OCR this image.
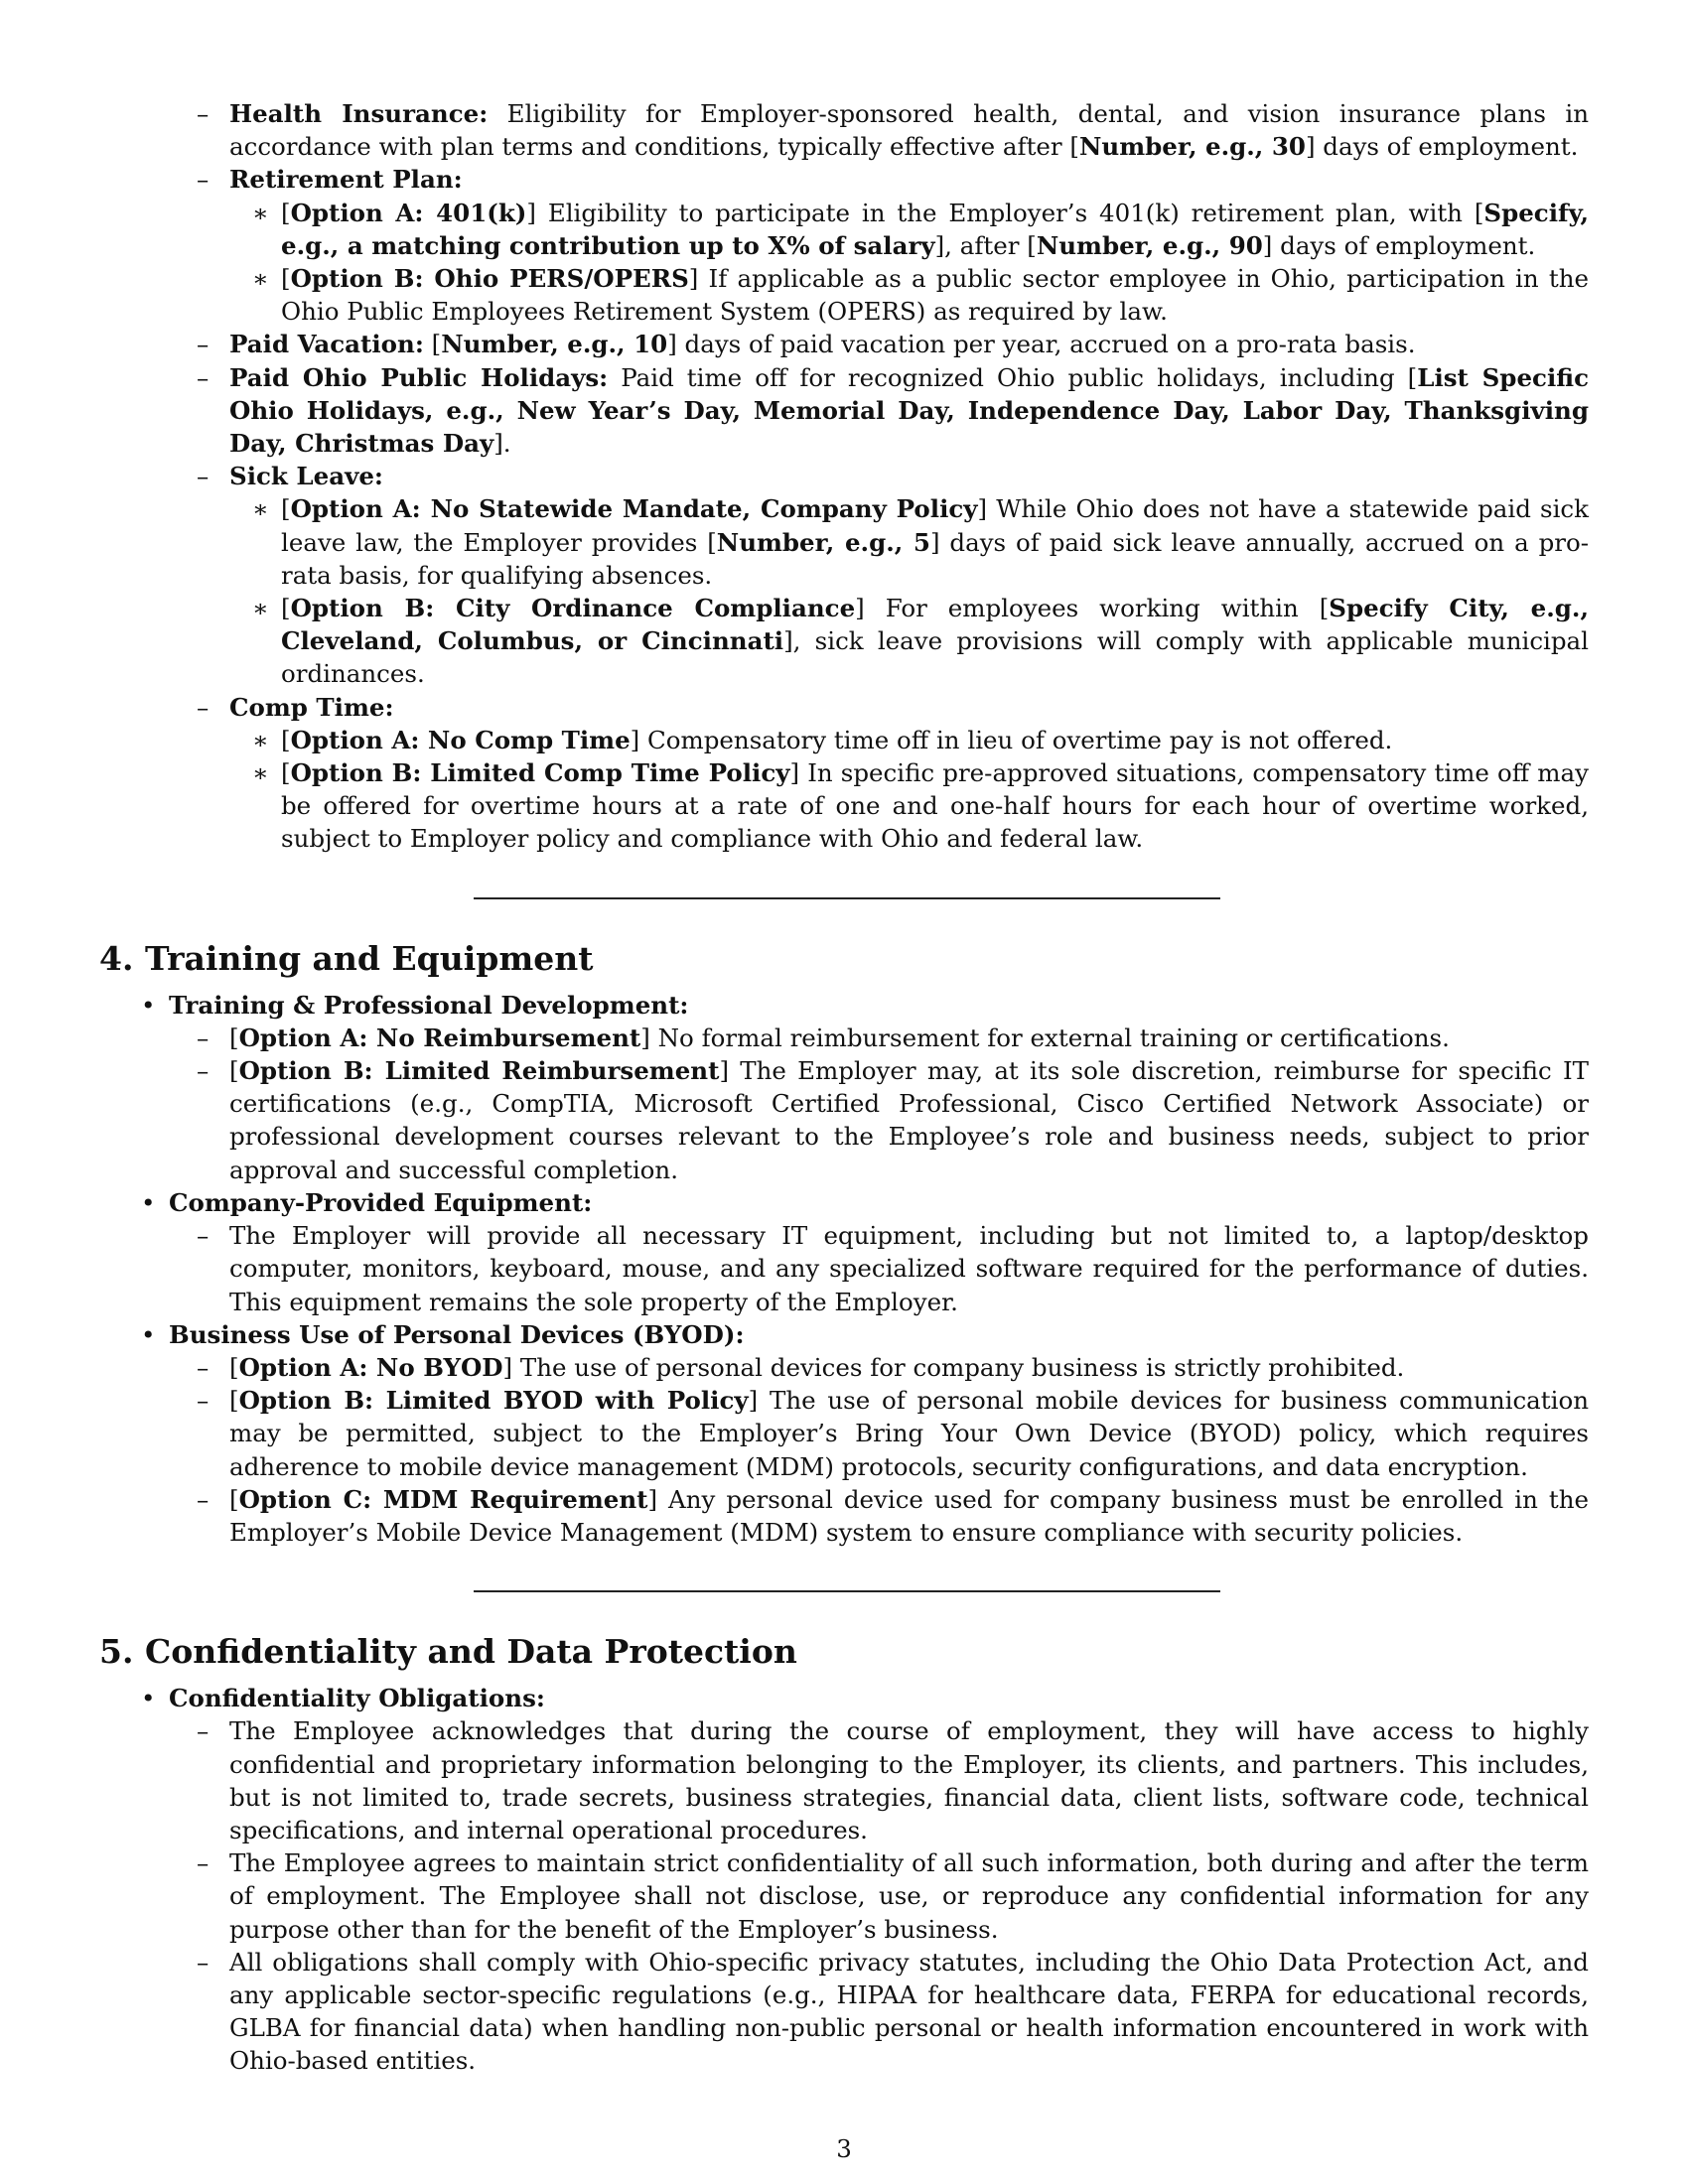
– Health Insurance: Eligibility for Employer-sponsored health, dental, and vision insurance plans in accordance with plan terms and conditions, typically effective after [Number, e.g., 30] days of employment.
– Retirement Plan:
∗ [Option A: 401(k)] Eligibility to participate in the Employer’s 401(k) retirement plan, with [Specify, e.g., a matching contribution up to X% of salary], after [Number, e.g., 90] days of employment.
∗ [Option B: Ohio PERS/OPERS] If applicable as a public sector employee in Ohio, participation in the Ohio Public Employees Retirement System (OPERS) as required by law.
– Paid Vacation: [Number, e.g., 10] days of paid vacation per year, accrued on a pro-rata basis.
– Paid Ohio Public Holidays: Paid time off for recognized Ohio public holidays, including [List Specific Ohio Holidays, e.g., New Year’s Day, Memorial Day, Independence Day, Labor Day, Thanksgiving Day, Christmas Day].
– Sick Leave:
∗ [Option A: No Statewide Mandate, Company Policy] While Ohio does not have a statewide paid sick leave law, the Employer provides [Number, e.g., 5] days of paid sick leave annually, accrued on a pro-rata basis, for qualifying absences.
∗ [Option B: City Ordinance Compliance] For employees working within [Specify City, e.g., Cleveland, Columbus, or Cincinnati], sick leave provisions will comply with applicable municipal ordinances.
– Comp Time:
∗ [Option A: No Comp Time] Compensatory time off in lieu of overtime pay is not offered.
∗ [Option B: Limited Comp Time Policy] In specific pre-approved situations, compensatory time off may be offered for overtime hours at a rate of one and one-half hours for each hour of overtime worked, subject to Employer policy and compliance with Ohio and federal law.
4. Training and Equipment
• Training & Professional Development:
– [Option A: No Reimbursement] No formal reimbursement for external training or certifications.
– [Option B: Limited Reimbursement] The Employer may, at its sole discretion, reimburse for specific IT certifications (e.g., CompTIA, Microsoft Certified Professional, Cisco Certified Network Associate) or professional development courses relevant to the Employee’s role and business needs, subject to prior approval and successful completion.
• Company-Provided Equipment:
– The Employer will provide all necessary IT equipment, including but not limited to, a laptop/desktop computer, monitors, keyboard, mouse, and any specialized software required for the performance of duties. This equipment remains the sole property of the Employer.
• Business Use of Personal Devices (BYOD):
– [Option A: No BYOD] The use of personal devices for company business is strictly prohibited.
– [Option B: Limited BYOD with Policy] The use of personal mobile devices for business communication may be permitted, subject to the Employer’s Bring Your Own Device (BYOD) policy, which requires adherence to mobile device management (MDM) protocols, security configurations, and data encryption.
– [Option C: MDM Requirement] Any personal device used for company business must be enrolled in the Employer’s Mobile Device Management (MDM) system to ensure compliance with security policies.
5. Confidentiality and Data Protection
• Confidentiality Obligations:
– The Employee acknowledges that during the course of employment, they will have access to highly confidential and proprietary information belonging to the Employer, its clients, and partners. This includes, but is not limited to, trade secrets, business strategies, financial data, client lists, software code, technical specifications, and internal operational procedures.
– The Employee agrees to maintain strict confidentiality of all such information, both during and after the term of employment. The Employee shall not disclose, use, or reproduce any confidential information for any purpose other than for the benefit of the Employer’s business.
– All obligations shall comply with Ohio-specific privacy statutes, including the Ohio Data Protection Act, and any applicable sector-specific regulations (e.g., HIPAA for healthcare data, FERPA for educational records, GLBA for financial data) when handling non-public personal or health information encountered in work with Ohio-based entities.
3
